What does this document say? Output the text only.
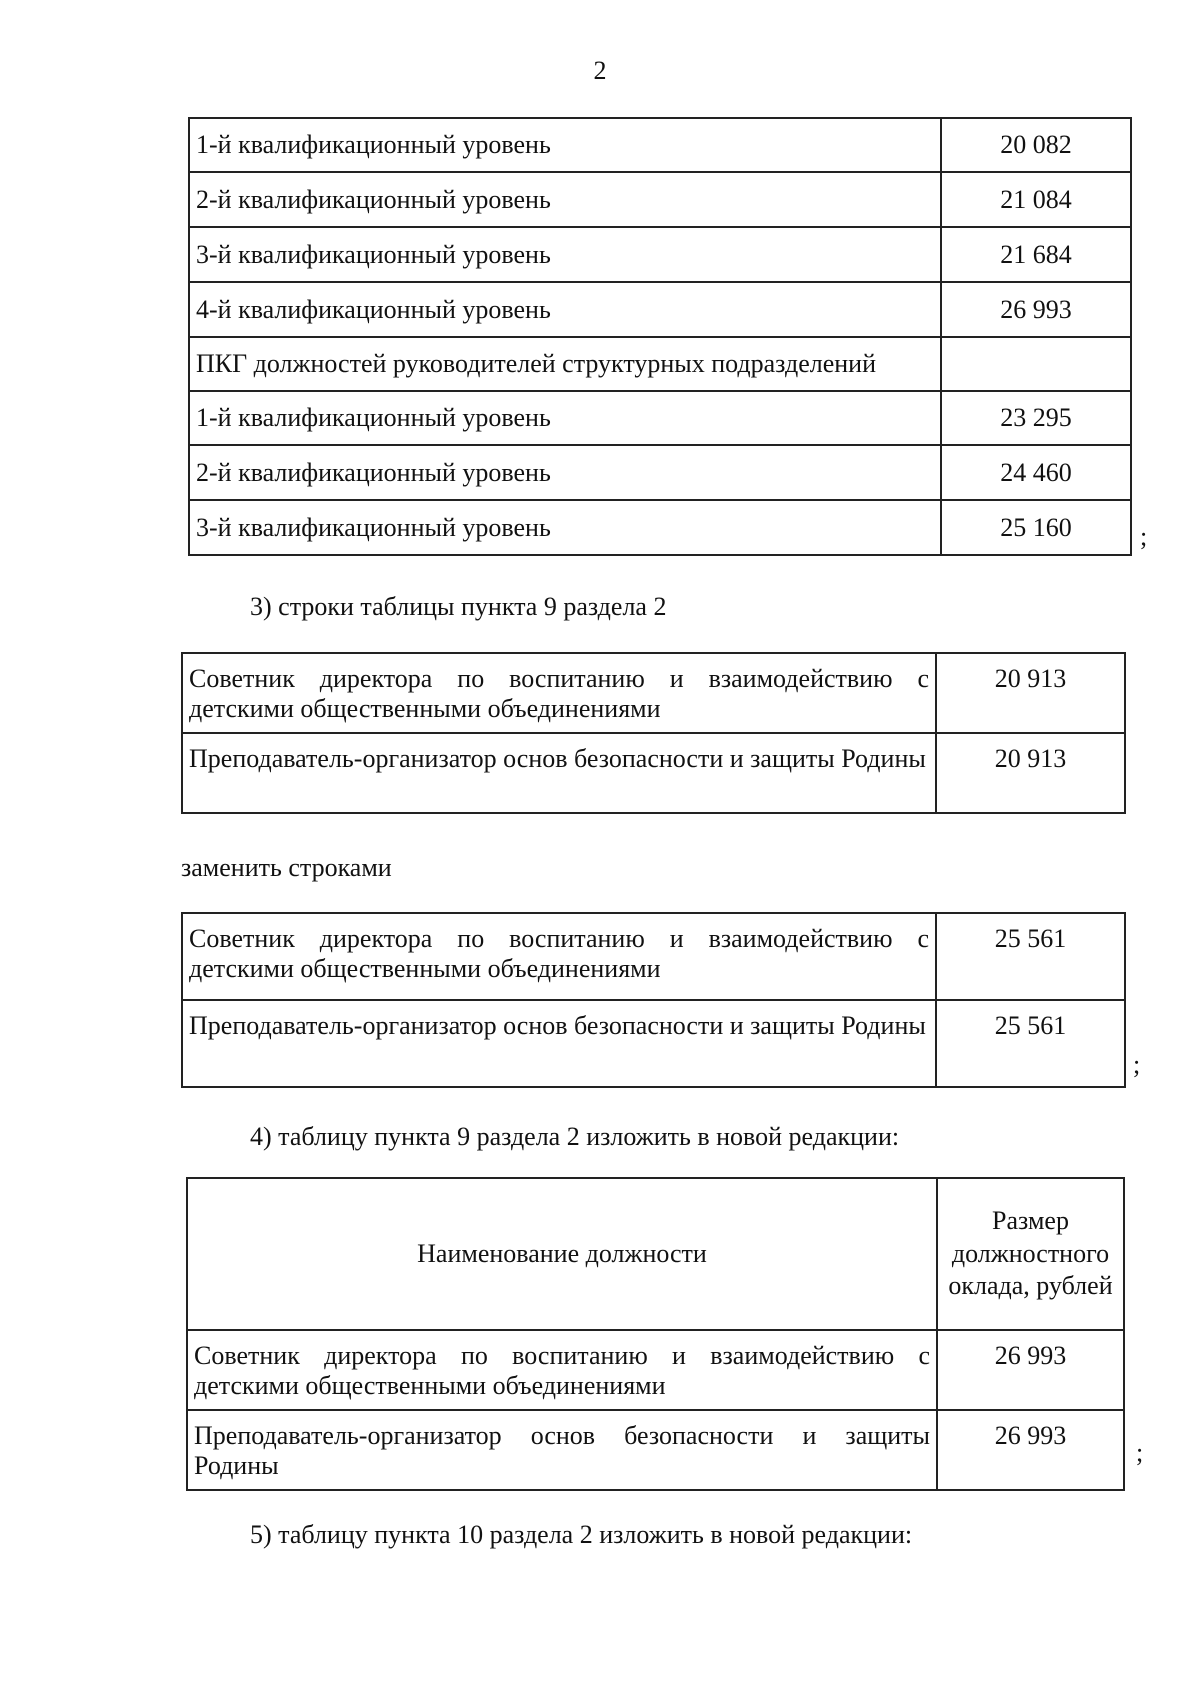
2
1-й квалификационный уровень	20 082
2-й квалификационный уровень	21 084
3-й квалификационный уровень	21 684
4-й квалификационный уровень	26 993
ПКГ должностей руководителей структурных подразделений	
1-й квалификационный уровень	23 295
2-й квалификационный уровень	24 460
3-й квалификационный уровень	25 160	;
3) строки таблицы пункта 9 раздела 2
Советник директора по воспитанию и взаимодействию с детскими общественными объединениями	20 913
Преподаватель-организатор основ безопасности и защиты Родины	20 913
заменить строками
Советник директора по воспитанию и взаимодействию с детскими общественными объединениями	25 561
Преподаватель-организатор основ безопасности и защиты Родины	25 561
;
4) таблицу пункта 9 раздела 2 изложить в новой редакции:
Наименование должности	Размер должностного оклада, рублей
Советник директора по воспитанию и взаимодействию с детскими общественными объединениями	26 993
Преподаватель-организатор основ безопасности и защиты Родины	26 993
;
5) таблицу пункта 10 раздела 2 изложить в новой редакции:
